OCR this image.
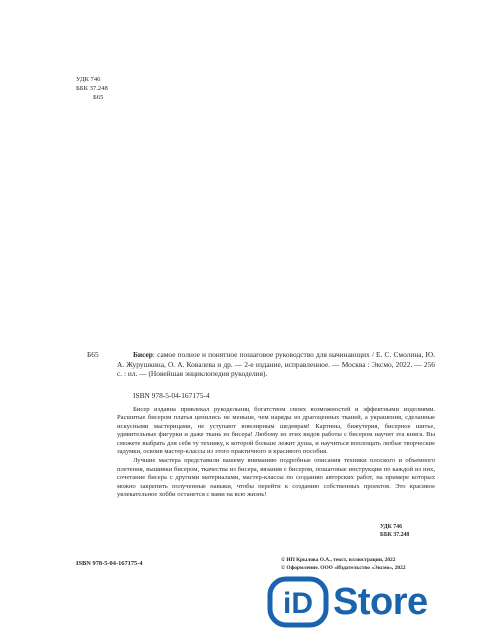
УДК 746
ББК 37.248
Б65
Б65	Бисер: самое полное и понятное пошаговое руководство для начинающих / Е. С. Смолина, Ю. А. Журушкина, О. А. Ковалева и др. — 2-е издание, исправленное. — Москва : Эксмо, 2022. — 256 с. : ил. — (Новейшая энциклопедия рукоделия).

ISBN 978-5-04-167175-4

Бисер издавна привлекал рукодельниц богатством своих возможностей и эффектными изделиями. Расшитые бисером платья ценились не меньше, чем наряды из драгоценных тканей, а украшения, сделанные искусными мастерицами, не уступают ювелирным шедеврам! Картины, бижутерия, бисерное шитье, удивительные фигурки и даже ткань из бисера! Любому из этих видов работы с бисером научит эта книга. Вы сможете выбрать для себя ту технику, к которой больше лежит душа, и научиться воплощать любые творческие задумки, освоив мастер-классы из этого практичного и красивого пособия.

Лучшие мастера представили вашему вниманию подробные описания техники плоского и объемного плетения, вышивки бисером, ткачества из бисера, вязания с бисером, пошаговые инструкции по каждой из них, сочетание бисера с другими материалами, мастер-классы по созданию авторских работ, на примере которых можно закрепить полученные навыки, чтобы перейти к созданию собственных проектов. Это красивое увлекательное хобби останется с вами на всю жизнь!

УДК 746
ББК 37.248
ISBN 978-5-04-167175-4	© ИП Крылова О.А., текст, иллюстрации, 2022
© Оформление. ООО «Издательство «Эксмо», 2022
iD Store
